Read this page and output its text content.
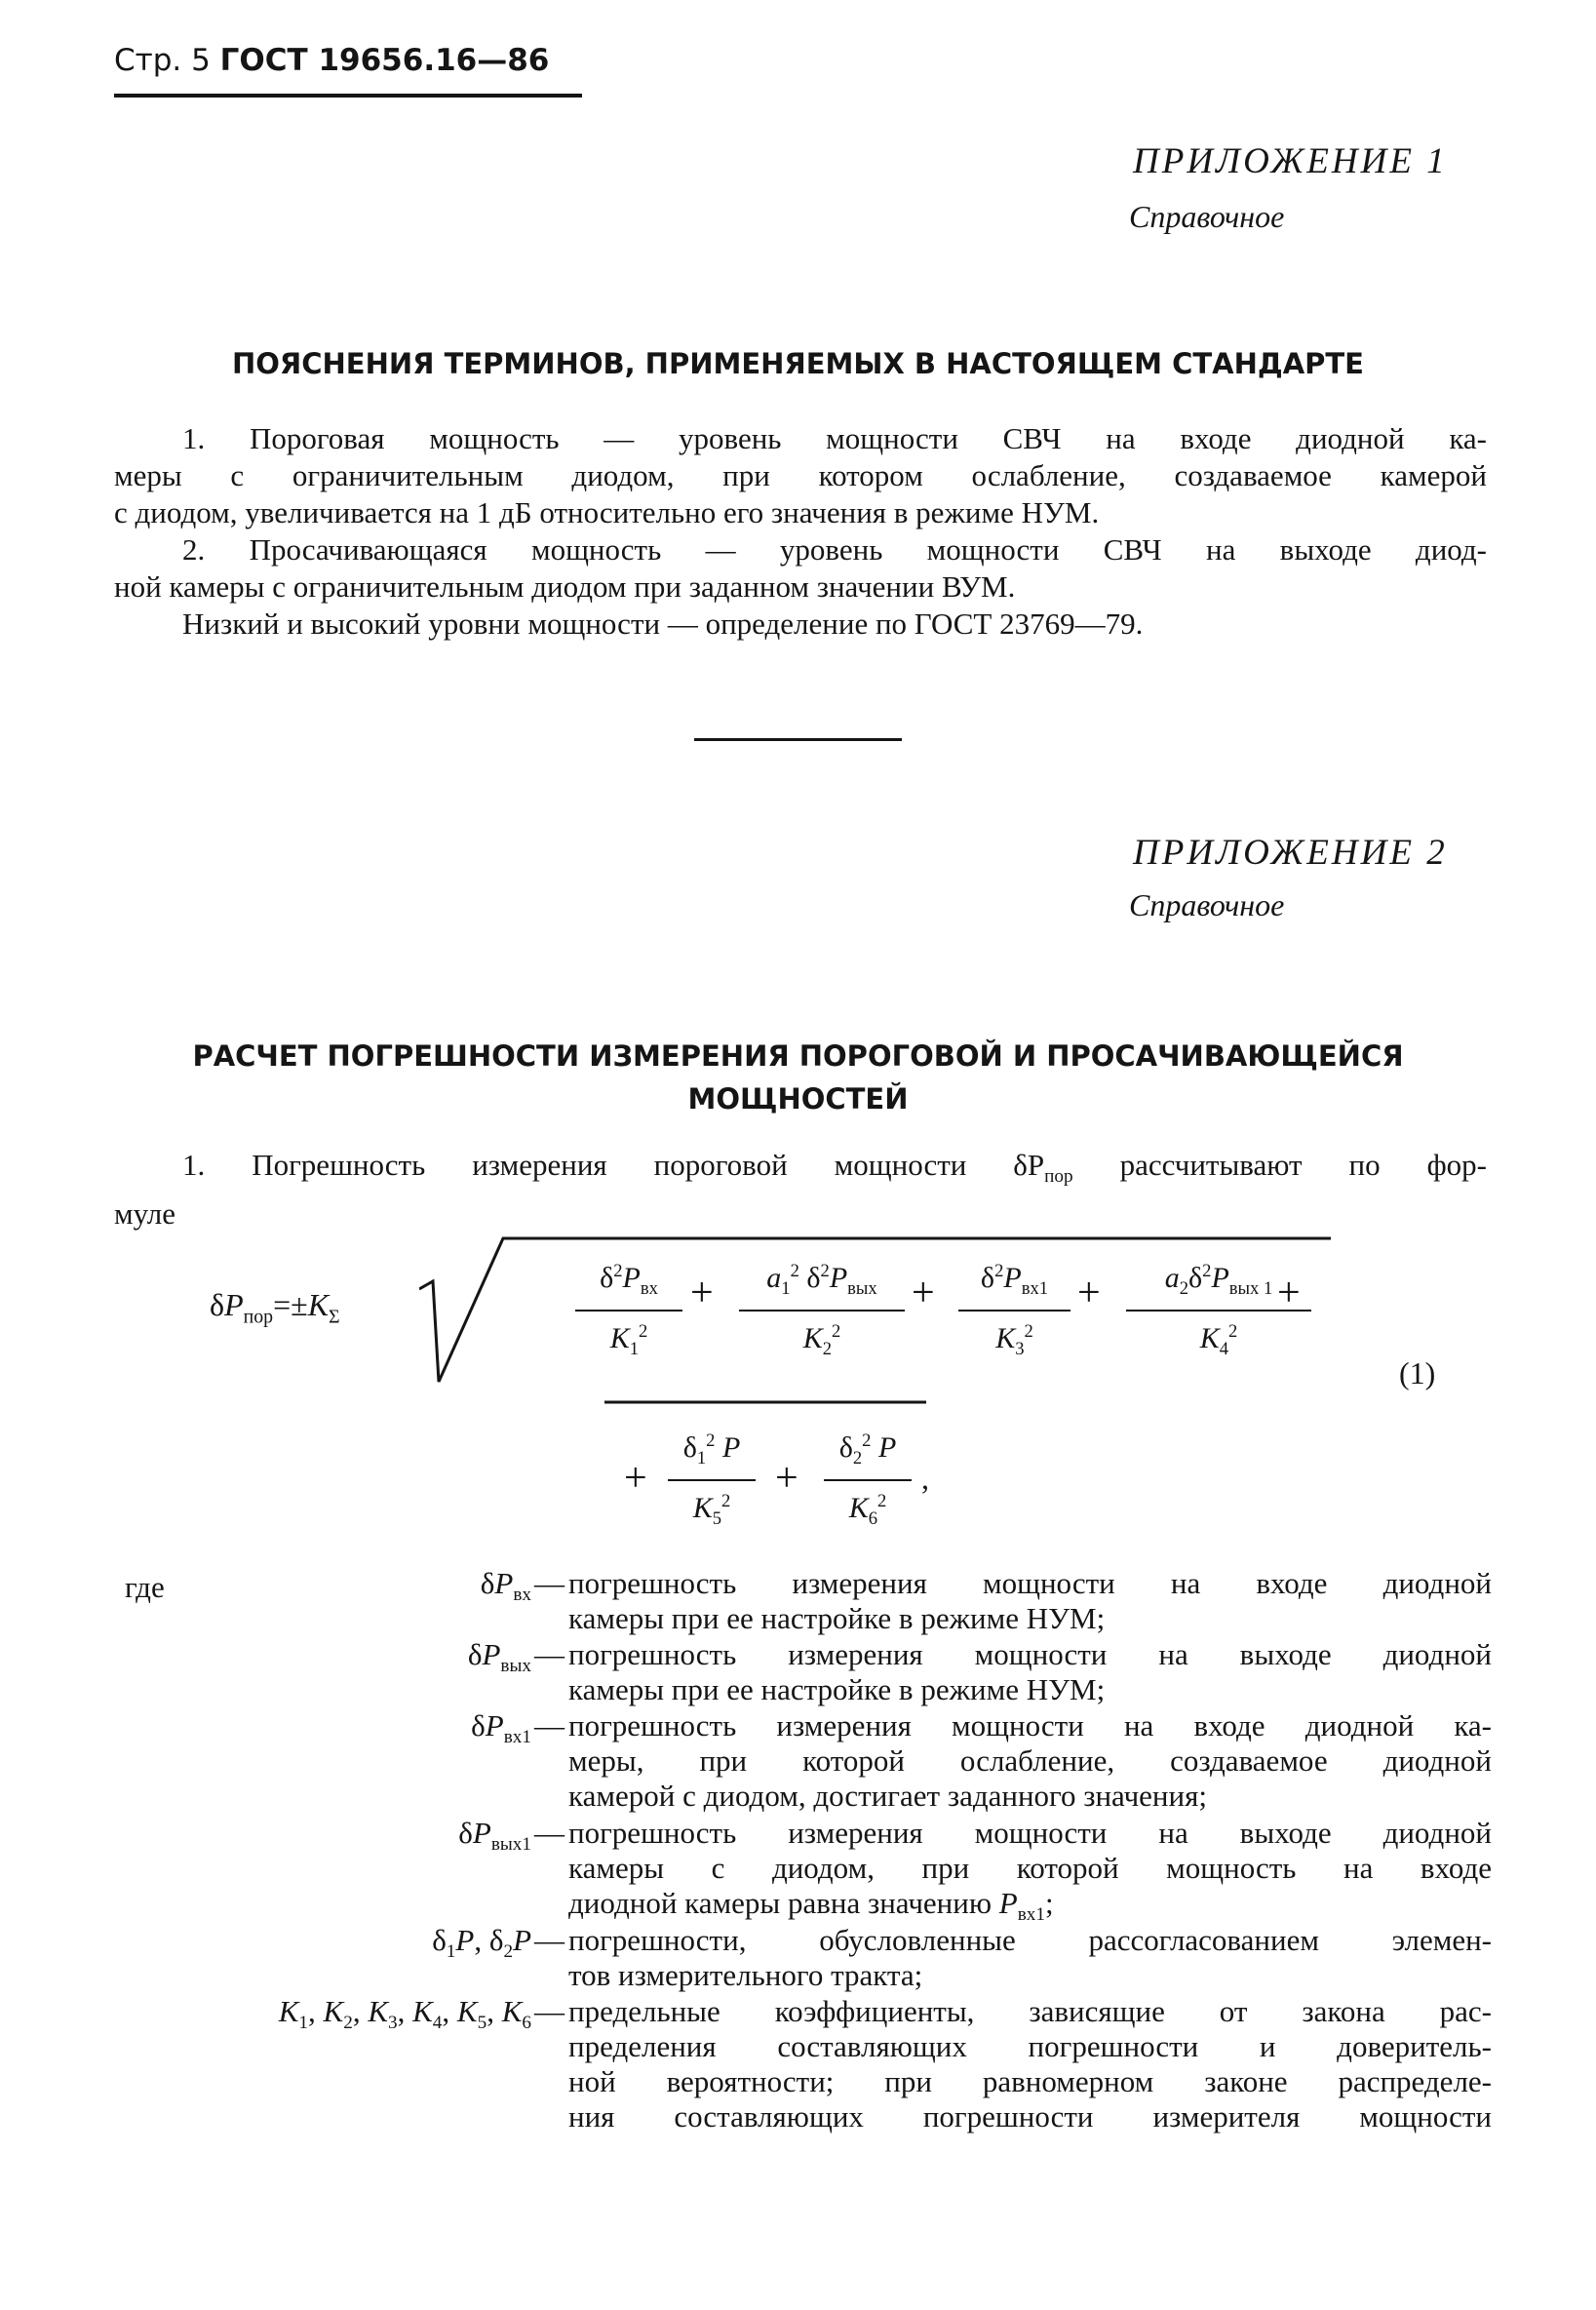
Стр. 5 ГОСТ 19656.16—86
ПРИЛОЖЕНИЕ 1
Справочное
ПОЯСНЕНИЯ ТЕРМИНОВ, ПРИМЕНЯЕМЫХ В НАСТОЯЩЕМ СТАНДАРТЕ
1. Пороговая мощность — уровень мощности СВЧ на входе диодной ка-
меры с ограничительным диодом, при котором ослабление, создаваемое камерой
с диодом, увеличивается на 1 дБ относительно его значения в режиме НУМ.
2. Просачивающаяся мощность — уровень мощности СВЧ на выходе диод-
ной камеры с ограничительным диодом при заданном значении ВУМ.
Низкий и высокий уровни мощности — определение по ГОСТ 23769—79.
ПРИЛОЖЕНИЕ 2
Справочное
РАСЧЕТ ПОГРЕШНОСТИ ИЗМЕРЕНИЯ ПОРОГОВОЙ И ПРОСАЧИВАЮЩЕЙСЯ
МОЩНОСТЕЙ
1. Погрешность измерения пороговой мощности $\delta P_{пор}$ рассчитывают по фор-
муле
$\delta P_{пор}=\pm K_\Sigma$
$\delta^2P_{вх}$
$K_1^2$
+	$a_1^2$ $\delta^2P_{вых}$
$K_2^2$
+	$\delta^2P_{вх1}$
$K_3^2$
+	$a_2\delta^2P_{вых 1}$
$K_4^2$
+
(1)
+
$\delta_1^2$ P
$K_5^2$
+
$\delta_2^2$ P
$K_6^2$
,
где	$\delta P_{вх}$ — погрешность измерения мощности на входе диодной
камеры при ее настройке в режиме НУМ;
$\delta P_{вых}$ — погрешность измерения мощности на выходе диодной
камеры при ее настройке в режиме НУМ;
$\delta P_{вх1}$ — погрешность измерения мощности на входе диодной ка-
меры, при которой ослабление, создаваемое диодной
камерой с диодом, достигает заданного значения;
$\delta P_{вых1}$ — погрешность измерения мощности на выходе диодной
камеры с диодом, при которой мощность на входе
диодной камеры равна значению $P_{вх1}$;
$\delta_1P$, $\delta_2P$ — погрешности, обусловленные рассогласованием элемен-
тов измерительного тракта;
$K_1$, $K_2$, $K_3$, $K_4$, $K_5$, $K_6$ — предельные коэффициенты, зависящие от закона рас-
пределения составляющих погрешности и доверитель-
ной вероятности; при равномерном законе распределе-
ния составляющих погрешности измерителя мощности
